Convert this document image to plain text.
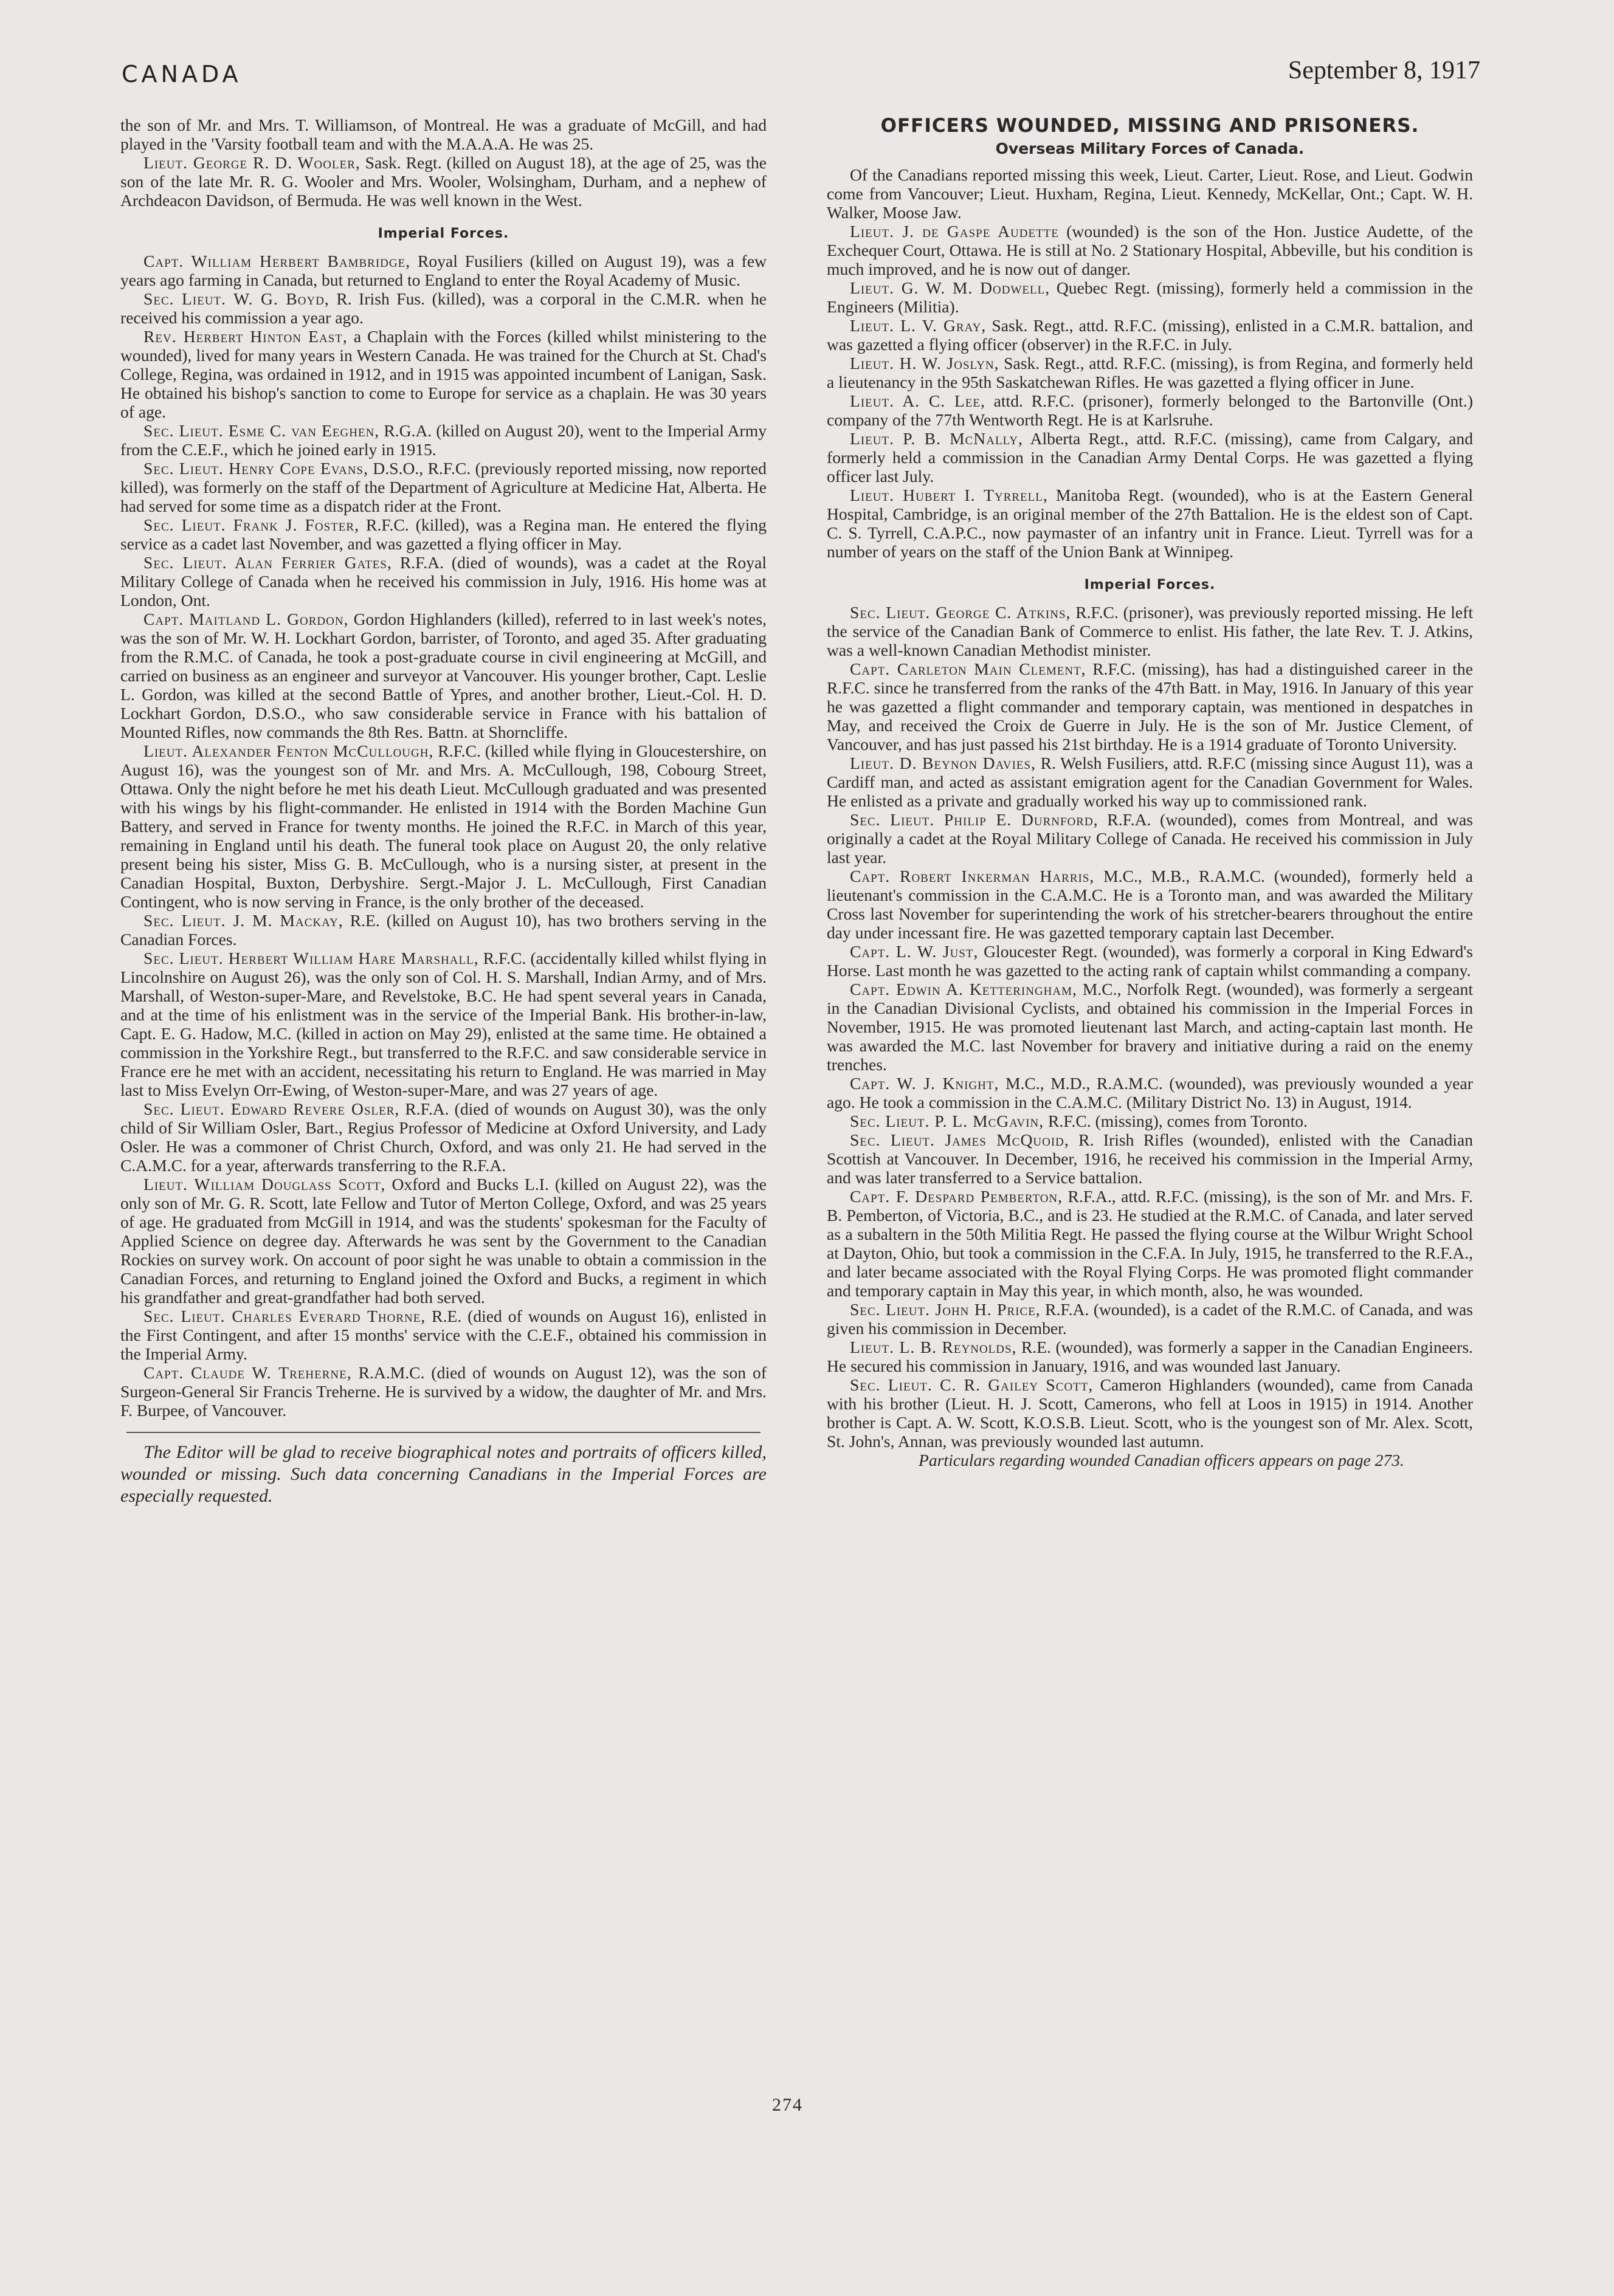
CANADA	September 8, 1917

the son of Mr. and Mrs. T. Williamson, of Montreal. He was a graduate of McGill, and had played in the 'Varsity football team and with the M.A.A.A. He was 25.

Lieut. George R. D. Wooler, Sask. Regt. (killed on August 18), at the age of 25, was the son of the late Mr. R. G. Wooler and Mrs. Wooler, Wolsingham, Durham, and a nephew of Archdeacon Davidson, of Bermuda. He was well known in the West.

Imperial Forces.

Capt. William Herbert Bambridge, Royal Fusiliers (killed on August 19), was a few years ago farming in Canada, but returned to England to enter the Royal Academy of Music.

Sec. Lieut. W. G. Boyd, R. Irish Fus. (killed), was a corporal in the C.M.R. when he received his commission a year ago.

Rev. Herbert Hinton East, a Chaplain with the Forces (killed whilst ministering to the wounded), lived for many years in Western Canada. He was trained for the Church at St. Chad's College, Regina, was ordained in 1912, and in 1915 was appointed incumbent of Lanigan, Sask. He obtained his bishop's sanction to come to Europe for service as a chaplain. He was 30 years of age.

Sec. Lieut. Esme C. van Eeghen, R.G.A. (killed on August 20), went to the Imperial Army from the C.E.F., which he joined early in 1915.

Sec. Lieut. Henry Cope Evans, D.S.O., R.F.C. (previously reported missing, now reported killed), was formerly on the staff of the Department of Agriculture at Medicine Hat, Alberta. He had served for some time as a dispatch rider at the Front.

Sec. Lieut. Frank J. Foster, R.F.C. (killed), was a Regina man. He entered the flying service as a cadet last November, and was gazetted a flying officer in May.

Sec. Lieut. Alan Ferrier Gates, R.F.A. (died of wounds), was a cadet at the Royal Military College of Canada when he received his commission in July, 1916. His home was at London, Ont.

Capt. Maitland L. Gordon, Gordon Highlanders (killed), referred to in last week's notes, was the son of Mr. W. H. Lockhart Gordon, barrister, of Toronto, and aged 35. After graduating from the R.M.C. of Canada, he took a post-graduate course in civil engineering at McGill, and carried on business as an engineer and surveyor at Vancouver. His younger brother, Capt. Leslie L. Gordon, was killed at the second Battle of Ypres, and another brother, Lieut.-Col. H. D. Lockhart Gordon, D.S.O., who saw considerable service in France with his battalion of Mounted Rifles, now commands the 8th Res. Battn. at Shorncliffe.

Lieut. Alexander Fenton McCullough, R.F.C. (killed while flying in Gloucestershire, on August 16), was the youngest son of Mr. and Mrs. A. McCullough, 198, Cobourg Street, Ottawa. Only the night before he met his death Lieut. McCullough graduated and was presented with his wings by his flight-commander. He enlisted in 1914 with the Borden Machine Gun Battery, and served in France for twenty months. He joined the R.F.C. in March of this year, remaining in England until his death. The funeral took place on August 20, the only relative present being his sister, Miss G. B. McCullough, who is a nursing sister, at present in the Canadian Hospital, Buxton, Derbyshire. Sergt.-Major J. L. McCullough, First Canadian Contingent, who is now serving in France, is the only brother of the deceased.

Sec. Lieut. J. M. Mackay, R.E. (killed on August 10), has two brothers serving in the Canadian Forces.

Sec. Lieut. Herbert William Hare Marshall, R.F.C. (accidentally killed whilst flying in Lincolnshire on August 26), was the only son of Col. H. S. Marshall, Indian Army, and of Mrs. Marshall, of Weston-super-Mare, and Revelstoke, B.C. He had spent several years in Canada, and at the time of his enlistment was in the service of the Imperial Bank. His brother-in-law, Capt. E. G. Hadow, M.C. (killed in action on May 29), enlisted at the same time. He obtained a commission in the Yorkshire Regt., but transferred to the R.F.C. and saw considerable service in France ere he met with an accident, necessitating his return to England. He was married in May last to Miss Evelyn Orr-Ewing, of Weston-super-Mare, and was 27 years of age.

Sec. Lieut. Edward Revere Osler, R.F.A. (died of wounds on August 30), was the only child of Sir William Osler, Bart., Regius Professor of Medicine at Oxford University, and Lady Osler. He was a commoner of Christ Church, Oxford, and was only 21. He had served in the C.A.M.C. for a year, afterwards transferring to the R.F.A.

Lieut. William Douglass Scott, Oxford and Bucks L.I. (killed on August 22), was the only son of Mr. G. R. Scott, late Fellow and Tutor of Merton College, Oxford, and was 25 years of age. He graduated from McGill in 1914, and was the students' spokesman for the Faculty of Applied Science on degree day. Afterwards he was sent by the Government to the Canadian Rockies on survey work. On account of poor sight he was unable to obtain a commission in the Canadian Forces, and returning to England joined the Oxford and Bucks, a regiment in which his grandfather and great-grandfather had both served.

Sec. Lieut. Charles Everard Thorne, R.E. (died of wounds on August 16), enlisted in the First Contingent, and after 15 months' service with the C.E.F., obtained his commission in the Imperial Army.

Capt. Claude W. Treherne, R.A.M.C. (died of wounds on August 12), was the son of Surgeon-General Sir Francis Treherne. He is survived by a widow, the daughter of Mr. and Mrs. F. Burpee, of Vancouver.

The Editor will be glad to receive biographical notes and portraits of officers killed, wounded or missing. Such data concerning Canadians in the Imperial Forces are especially requested.

OFFICERS WOUNDED, MISSING AND PRISONERS.
Overseas Military Forces of Canada.

Of the Canadians reported missing this week, Lieut. Carter, Lieut. Rose, and Lieut. Godwin come from Vancouver; Lieut. Huxham, Regina, Lieut. Kennedy, McKellar, Ont.; Capt. W. H. Walker, Moose Jaw.

Lieut. J. de Gaspe Audette (wounded) is the son of the Hon. Justice Audette, of the Exchequer Court, Ottawa. He is still at No. 2 Stationary Hospital, Abbeville, but his condition is much improved, and he is now out of danger.

Lieut. G. W. M. Dodwell, Quebec Regt. (missing), formerly held a commission in the Engineers (Militia).

Lieut. L. V. Gray, Sask. Regt., attd. R.F.C. (missing), enlisted in a C.M.R. battalion, and was gazetted a flying officer (observer) in the R.F.C. in July.

Lieut. H. W. Joslyn, Sask. Regt., attd. R.F.C. (missing), is from Regina, and formerly held a lieutenancy in the 95th Saskatchewan Rifles. He was gazetted a flying officer in June.

Lieut. A. C. Lee, attd. R.F.C. (prisoner), formerly belonged to the Bartonville (Ont.) company of the 77th Wentworth Regt. He is at Karlsruhe.

Lieut. P. B. McNally, Alberta Regt., attd. R.F.C. (missing), came from Calgary, and formerly held a commission in the Canadian Army Dental Corps. He was gazetted a flying officer last July.

Lieut. Hubert I. Tyrrell, Manitoba Regt. (wounded), who is at the Eastern General Hospital, Cambridge, is an original member of the 27th Battalion. He is the eldest son of Capt. C. S. Tyrrell, C.A.P.C., now paymaster of an infantry unit in France. Lieut. Tyrrell was for a number of years on the staff of the Union Bank at Winnipeg.

Imperial Forces.

Sec. Lieut. George C. Atkins, R.F.C. (prisoner), was previously reported missing. He left the service of the Canadian Bank of Commerce to enlist. His father, the late Rev. T. J. Atkins, was a well-known Canadian Methodist minister.

Capt. Carleton Main Clement, R.F.C. (missing), has had a distinguished career in the R.F.C. since he transferred from the ranks of the 47th Batt. in May, 1916. In January of this year he was gazetted a flight commander and temporary captain, was mentioned in despatches in May, and received the Croix de Guerre in July. He is the son of Mr. Justice Clement, of Vancouver, and has just passed his 21st birthday. He is a 1914 graduate of Toronto University.

Lieut. D. Beynon Davies, R. Welsh Fusiliers, attd. R.F.C (missing since August 11), was a Cardiff man, and acted as assistant emigration agent for the Canadian Government for Wales. He enlisted as a private and gradually worked his way up to commissioned rank.

Sec. Lieut. Philip E. Durnford, R.F.A. (wounded), comes from Montreal, and was originally a cadet at the Royal Military College of Canada. He received his commission in July last year.

Capt. Robert Inkerman Harris, M.C., M.B., R.A.M.C. (wounded), formerly held a lieutenant's commission in the C.A.M.C. He is a Toronto man, and was awarded the Military Cross last November for superintending the work of his stretcher-bearers throughout the entire day under incessant fire. He was gazetted temporary captain last December.

Capt. L. W. Just, Gloucester Regt. (wounded), was formerly a corporal in King Edward's Horse. Last month he was gazetted to the acting rank of captain whilst commanding a company.

Capt. Edwin A. Ketteringham, M.C., Norfolk Regt. (wounded), was formerly a sergeant in the Canadian Divisional Cyclists, and obtained his commission in the Imperial Forces in November, 1915. He was promoted lieutenant last March, and acting-captain last month. He was awarded the M.C. last November for bravery and initiative during a raid on the enemy trenches.

Capt. W. J. Knight, M.C., M.D., R.A.M.C. (wounded), was previously wounded a year ago. He took a commission in the C.A.M.C. (Military District No. 13) in August, 1914.

Sec. Lieut. P. L. McGavin, R.F.C. (missing), comes from Toronto.

Sec. Lieut. James McQuoid, R. Irish Rifles (wounded), enlisted with the Canadian Scottish at Vancouver. In December, 1916, he received his commission in the Imperial Army, and was later transferred to a Service battalion.

Capt. F. Despard Pemberton, R.F.A., attd. R.F.C. (missing), is the son of Mr. and Mrs. F. B. Pemberton, of Victoria, B.C., and is 23. He studied at the R.M.C. of Canada, and later served as a subaltern in the 50th Militia Regt. He passed the flying course at the Wilbur Wright School at Dayton, Ohio, but took a commission in the C.F.A. In July, 1915, he transferred to the R.F.A., and later became associated with the Royal Flying Corps. He was promoted flight commander and temporary captain in May this year, in which month, also, he was wounded.

Sec. Lieut. John H. Price, R.F.A. (wounded), is a cadet of the R.M.C. of Canada, and was given his commission in December.

Lieut. L. B. Reynolds, R.E. (wounded), was formerly a sapper in the Canadian Engineers. He secured his commission in January, 1916, and was wounded last January.

Sec. Lieut. C. R. Gailey Scott, Cameron Highlanders (wounded), came from Canada with his brother (Lieut. H. J. Scott, Camerons, who fell at Loos in 1915) in 1914. Another brother is Capt. A. W. Scott, K.O.S.B. Lieut. Scott, who is the youngest son of Mr. Alex. Scott, St. John's, Annan, was previously wounded last autumn.

Particulars regarding wounded Canadian officers appears on page 273.

274
